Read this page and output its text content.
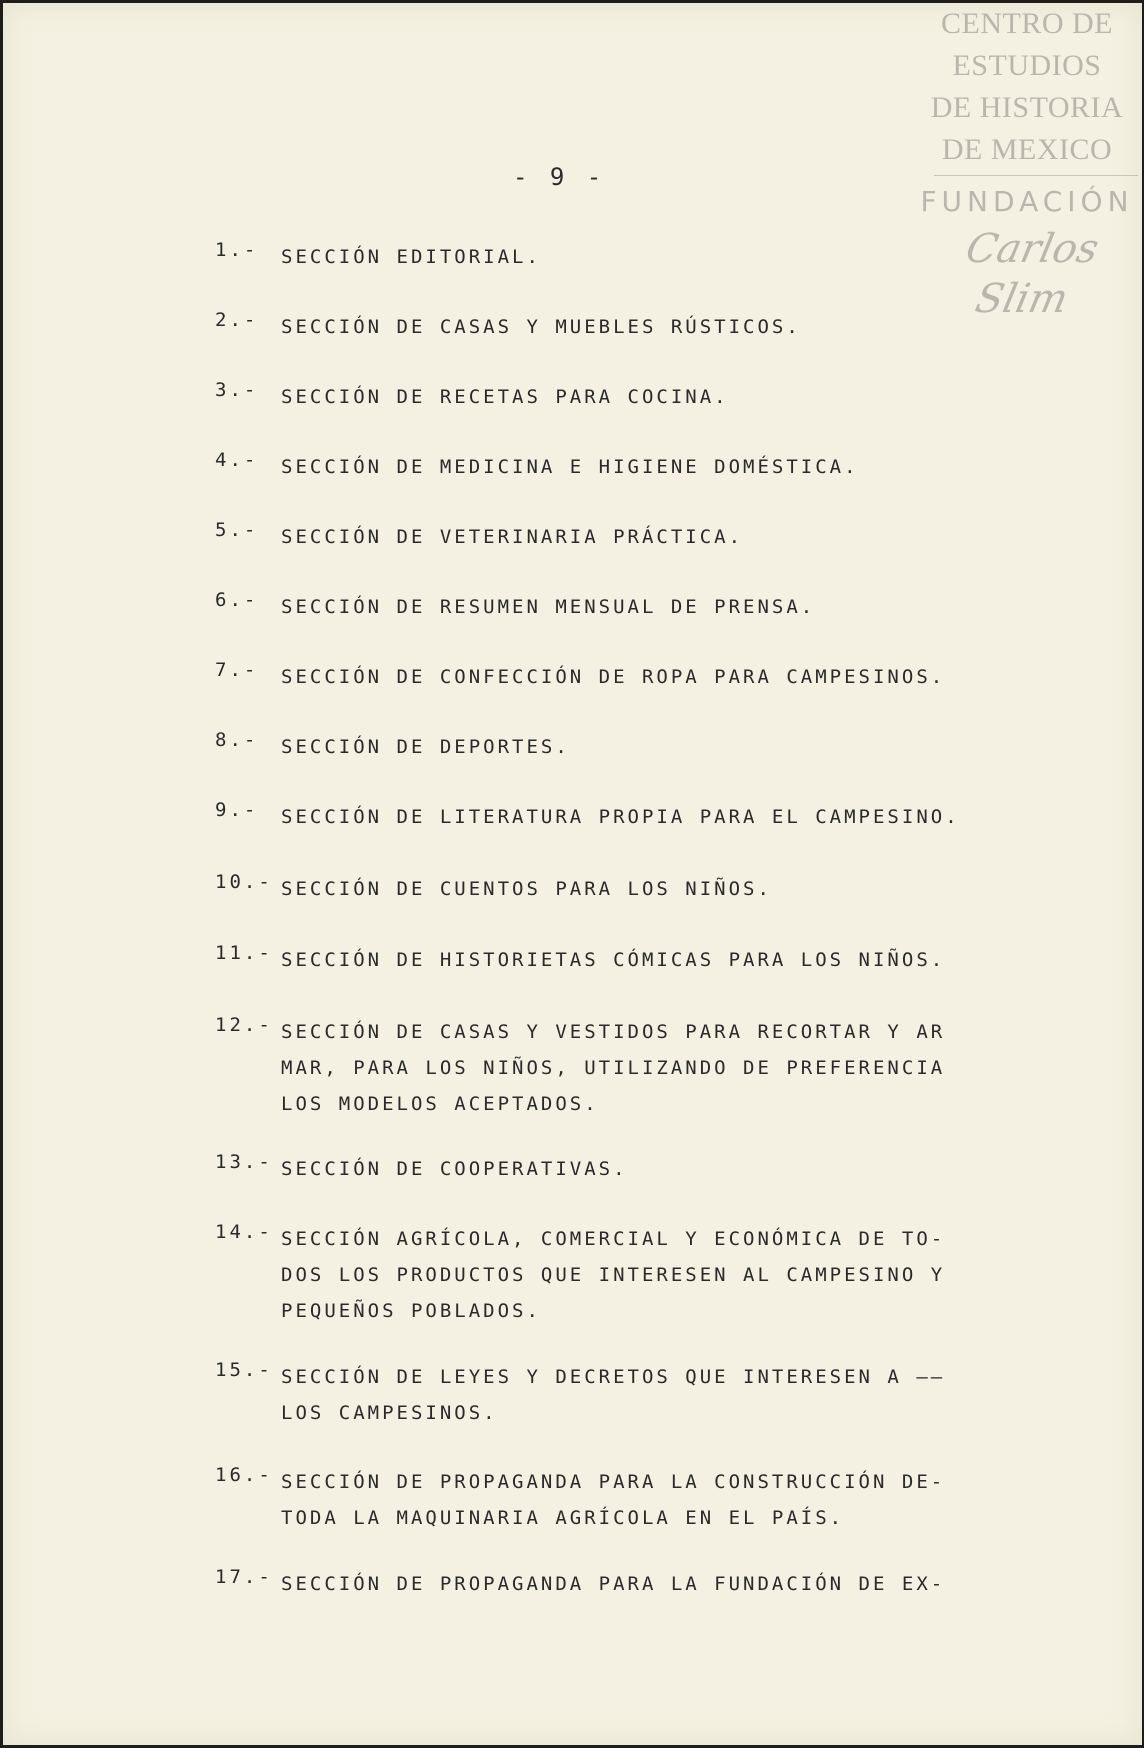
CENTRO DE
ESTUDIOS
DE HISTORIA
DE MEXICO
FUNDACIÓN
Carlos Slim
- 9 -
1.- SECCIÓN EDITORIAL.
2.- SECCIÓN DE CASAS Y MUEBLES RÚSTICOS.
3.- SECCIÓN DE RECETAS PARA COCINA.
4.- SECCIÓN DE MEDICINA E HIGIENE DOMÉSTICA.
5.- SECCIÓN DE VETERINARIA PRÁCTICA.
6.- SECCIÓN DE RESUMEN MENSUAL DE PRENSA.
7.- SECCIÓN DE CONFECCIÓN DE ROPA PARA CAMPESINOS.
8.- SECCIÓN DE DEPORTES.
9.- SECCIÓN DE LITERATURA PROPIA PARA EL CAMPESINO.
10.- SECCIÓN DE CUENTOS PARA LOS NIÑOS.
11.- SECCIÓN DE HISTORIETAS CÓMICAS PARA LOS NIÑOS.
12.- SECCIÓN DE CASAS Y VESTIDOS PARA RECORTAR Y AR
MAR, PARA LOS NIÑOS, UTILIZANDO DE PREFERENCIA
LOS MODELOS ACEPTADOS.
13.- SECCIÓN DE COOPERATIVAS.
14.- SECCIÓN AGRÍCOLA, COMERCIAL Y ECONÓMICA DE TO-
DOS LOS PRODUCTOS QUE INTERESEN AL CAMPESINO Y
PEQUEÑOS POBLADOS.
15.- SECCIÓN DE LEYES Y DECRETOS QUE INTERESEN A ——
LOS CAMPESINOS.
16.- SECCIÓN DE PROPAGANDA PARA LA CONSTRUCCIÓN DE-
TODA LA MAQUINARIA AGRÍCOLA EN EL PAÍS.
17.- SECCIÓN DE PROPAGANDA PARA LA FUNDACIÓN DE EX-
